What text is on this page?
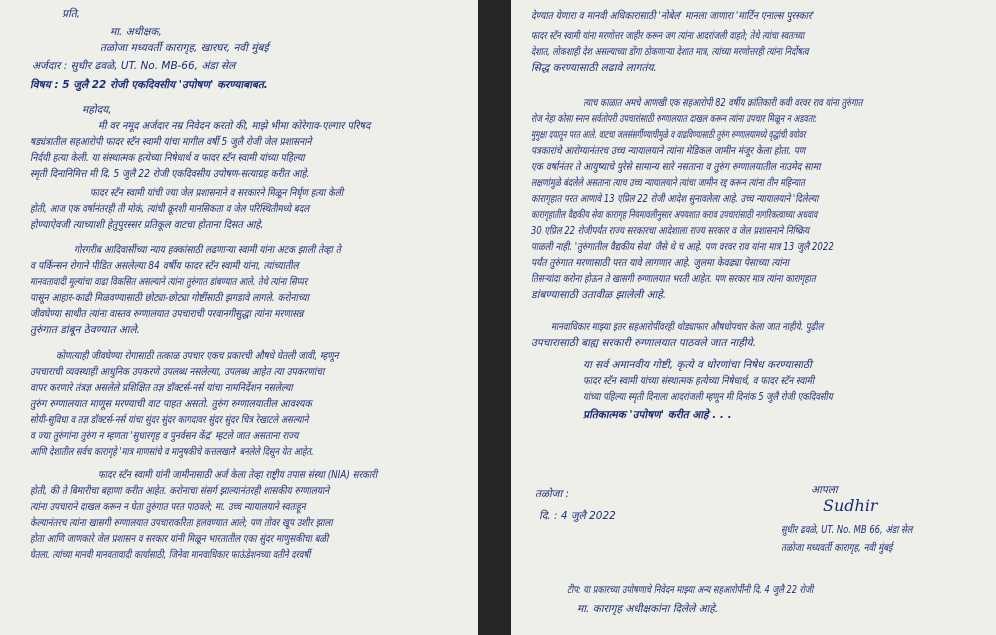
प्रति,
मा. अधीक्षक,
तळोजा मध्यवर्ती कारागृह, खारघर, नवी मुंबई
अर्जदार : सुधीर ढवळे, UT. No. MB-66, अंडा सेल
विषय : 5 जुलै 22 रोजी एकदिवसीय 'उपोषण' करण्याबाबत.
महोदय,
मी वर नमूद अर्जदार नम्र निवेदन करतो की, माझे भीमा कोरेगाव-एल्गार परिषद
षड्यंत्रातील सहआरोपी फादर स्टॅन स्वामी यांचा मागील वर्षी 5 जुलै रोजी जेल प्रशासनाने
निर्दयी हत्या केली. या संस्थात्मक हत्येच्या निषेधार्थ व फादर स्टॅन स्वामी यांच्या पहिल्या
स्मृती दिनानिमित्त मी दि. 5 जुलै 22 रोजी एकदिवसीय उपोषण-सत्याग्रह करीत आहे.
फादर स्टॅन स्वामी यांची ज्या जेल प्रशासनाने व सरकारने मिळून निर्घृण हत्या केली
होती, आज एक वर्षानंतरही ती मोकं, त्यांची क्रूरशी मानसिकता व जेल परिस्थितीमध्ये बदल
होण्याऐवजी त्याच्याशी हेतुपुरस्सर प्रतिकूल वाटचा होताना दिसत आहे.
गोरगरीब आदिवासींच्या न्याय हक्कांसाठी लढणाऱ्या स्वामी यांना अटक झाली तेव्हा ते
व पर्किन्सन रोगाने पीडित असलेल्या 84 वर्षीय फादर स्टॅन स्वामी यांना, त्यांच्यातील
मानवतावादी मूल्यांचा वाढा विकसित असल्याने त्यांना तुरुंगात डांबण्यात आले. तेथे त्यांना सिप्पर
पासून आहार-काढी मिळवण्यासाठी छोट्या-छोट्या गोष्टींसाठी झगडावे लागले. करोनाच्या
जीवघेण्या साथीत त्यांना वास्तव रुग्णालयात उपचाराची परवानगीसुद्धा त्यांना मरणासन्न
तुरुंगात डांबून ठेवण्यात आले.
कोणत्याही जीवघेण्या रोगासाठी तत्काळ उपचार एकच प्रकारची औषधे घेतली जावी, म्हणून
उपचाराची व्यवस्थाही आधुनिक उपकरणे उपलब्ध नसलेल्या, उपलब्ध आहेत त्या उपकरणांचा
वापर करणारे तंत्रज्ञ असलेले प्रशिक्षित तज्ञ डॉक्टर्स-नर्स यांचा नामनिर्देशन नसलेल्या
तुरुंग रुग्णालयात माणूस मरण्याची वाट पाहत असतो. तुरुंग रुग्णालयातील आवश्यक
सोयी-सुविधा व तज्ञ डॉक्टर्स-नर्स यांचा सुंदर सुंदर कागदावर सुंदर सुंदर चित्र रेखाटले असल्याने
व ज्या तुरुंगांना तुरुंग न म्हणता 'सुधारगृह व पुनर्वसन केंद्र' म्हटले जात असताना राज्य
आणि देशातील सर्वच कारागृहे 'मात्र माणसांचे व मानुषकीचे कत्तलखाने' बनलेले दिसून येत आहेत.
फादर स्टॅन स्वामी यांनी जामीनासाठी अर्ज केला तेव्हा राष्ट्रीय तपास संस्था (NIA) सरकारी
होती, की ते बिमारीचा बहाणा करीत आहेत. करोनाचा संसर्ग झाल्यानंतरही शासकीय रुग्णालयाने
त्यांना उपचाराने दाखल करून न घेता तुरुंगात परत पाठवले; मा. उच्च न्यायालयाने स्वतःहून
केल्यानंतरच त्यांना खासगी रुग्णालयात उपचाराकरिता हलवण्यात आले; पण तोवर खूप उशीर झाला
होता आणि जाणकारे जेल प्रशासन व सरकार यांनी मिळून भारतातील एका सुंदर माणुसकीचा बळी
घेतला. त्यांच्या मानवी मानवतावादी कार्यासाठी, जिनेवा मानवाधिकार फाऊंडेशनच्या वतीने दरवर्षी
देण्यात येणारा व मानवी अधिकारासाठी 'नोबेल' मानला जाणारा 'मार्टिन एनाल्स पुरस्कार'
फादर स्टॅन स्वामी यांना मरणोत्तर जाहीर करून जग त्यांना आदरांजली वाहते; तेथे त्यांचा स्वतःच्या
देशात, लोकशाही देश असल्याच्या डोंगा ठोकणाऱ्या देशात मात्र, त्यांच्या मरणोत्तरही त्यांना निर्दोषत्व
सिद्ध करण्यासाठी लढावे लागतंय.
त्याच काळात अमचे आणखी एक सहआरोपी 82 वर्षीय क्रांतिकारी कवी वरवर राव यांना तुरुंगात
रोज नेहा कोसा स्नान सर्वतोपरी उपचारांसाठी रुग्णालयात दाखल करून त्यांना उपचार मिळून न अडवता:
मुमुक्षा दयातून परत आले. वाटचा जलसंसर्गीण्याचीमुळे व वाढविण्यासाठी तुरुंग रुग्णालयामध्ये वृद्धांची वयोवर
पत्रकारांचे आरोग्यानंतरच उच्च न्यायालयाने त्यांना मेडिकल जामीन मंजूर केला होता. पण
एक वर्षानंतर ते आयुष्याचे पुरेसे सामान्य सारे नसताना व तुरुंग रुग्णालयातील नाउमेद सामा
लक्षणांमुळे बंदलेले असताना त्याच उच्च न्यायालयाने त्यांचा जामीन रद्द करून त्यांना तीन महिन्यात
कारागृहात परत आणावे 13 एप्रिल 22 रोजी आदेश सुनावलेला आहे. उच्च न्यायालयाने 'दिलेल्या
कारागृहातील वैद्यकीय सेवा कारागृह नियमावलीनुसार अपयशात कराव उपचारांसाठी नागरिकत्वाच्या अधवाव
30 एप्रिल 22 रोजीपर्यंत राज्य सरकारचा आदेशाला राज्य सरकार व जेल प्रशासनाने निष्क्रिय
पाळली नाही. 'तुरुंगातील वैद्यकीय सेवा' जैसे थे च आहे. पण वरवर राव यांना मात्र 13 जुलै 2022
पर्यंत तुरुंगात मरणासाठी परत यावे लागणार आहे. जुलमा केवढ्या पेसाच्या त्यांना
तिसऱ्यांदा करोना होऊन ते खासगी रुग्णालयात भरती आहेत. पण सरकार मात्र त्यांना कारागृहात
डांबण्यासाठी उतावीळ झालेली आहे.
मानवाधिकार माझ्या इतर सहआरोपींवरही थोड्याफार औषधोपचार केला जात नाहीये. पुढील
उपचारासाठी बाह्य सरकारी रुग्णालयात पाठवले जात नाहीये.
या सर्व अमानवीय गोष्टी, कृत्ये व धोरणांचा निषेध करण्यासाठी
फादर स्टॅन स्वामी यांच्या संस्थात्मक हत्येच्या निषेधार्थ, व फादर स्टॅन स्वामी
यांच्या पहिल्या स्मृती दिनाला आदरांजली म्हणून मी दिनांक 5 जुलै रोजी एकदिवसीय
प्रतिकात्मक 'उपोषण' करीत आहे . . .
आपला
तळोजा :
Sudhir
दि. : 4 जुलै 2022
सुधीर ढवळे, UT. No. MB 66, अंडा सेल
तळोजा मध्यवर्ती कारागृह, नवी मुंबई
टीप: या प्रकारच्या उपोषणाचे निवेदन माझ्या अन्य सहआरोपींनी दि. 4 जुलै 22 रोजी
मा. कारागृह अधीक्षकांना दिलेले आहे.
